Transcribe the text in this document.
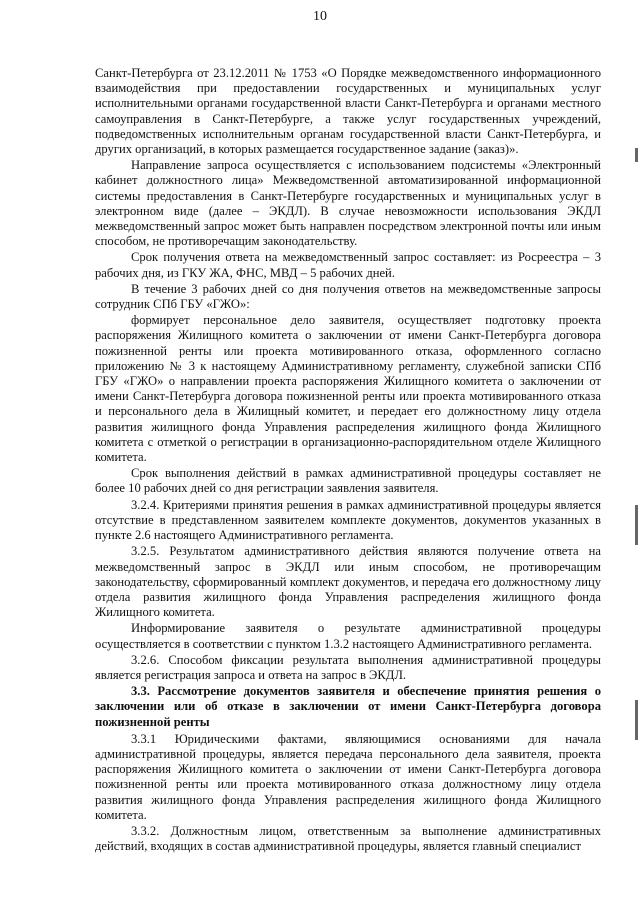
10

Санкт-Петербурга от 23.12.2011 № 1753 «О Порядке межведомственного информационного взаимодействия при предоставлении государственных и муниципальных услуг исполнительными органами государственной власти Санкт-Петербурга и органами местного самоуправления в Санкт-Петербурге, а также услуг государственных учреждений, подведомственных исполнительным органам государственной власти Санкт-Петербурга, и других организаций, в которых размещается государственное задание (заказ)».

Направление запроса осуществляется с использованием подсистемы «Электронный кабинет должностного лица» Межведомственной автоматизированной информационной системы предоставления в Санкт-Петербурге государственных и муниципальных услуг в электронном виде (далее – ЭКДЛ). В случае невозможности использования ЭКДЛ межведомственный запрос может быть направлен посредством электронной почты или иным способом, не противоречащим законодательству.

Срок получения ответа на межведомственный запрос составляет: из Росреестра – 3 рабочих дня, из ГКУ ЖА, ФНС, МВД – 5 рабочих дней.

В течение 3 рабочих дней со дня получения ответов на межведомственные запросы сотрудник СПб ГБУ «ГЖО»:

формирует персональное дело заявителя, осуществляет подготовку проекта распоряжения Жилищного комитета о заключении от имени Санкт-Петербурга договора пожизненной ренты или проекта мотивированного отказа, оформленного согласно приложению № 3 к настоящему Административному регламенту, служебной записки СПб ГБУ «ГЖО» о направлении проекта распоряжения Жилищного комитета о заключении от имени Санкт-Петербурга договора пожизненной ренты или проекта мотивированного отказа и персонального дела в Жилищный комитет, и передает его должностному лицу отдела развития жилищного фонда Управления распределения жилищного фонда Жилищного комитета с отметкой о регистрации в организационно-распорядительном отделе Жилищного комитета.

Срок выполнения действий в рамках административной процедуры составляет не более 10 рабочих дней со дня регистрации заявления заявителя.

3.2.4. Критериями принятия решения в рамках административной процедуры является отсутствие в представленном заявителем комплекте документов, документов указанных в пункте 2.6 настоящего Административного регламента.

3.2.5. Результатом административного действия являются получение ответа на межведомственный запрос в ЭКДЛ или иным способом, не противоречащим законодательству, сформированный комплект документов, и передача его должностному лицу отдела развития жилищного фонда Управления распределения жилищного фонда Жилищного комитета.

Информирование заявителя о результате административной процедуры осуществляется в соответствии с пунктом 1.3.2 настоящего Административного регламента.

3.2.6. Способом фиксации результата выполнения административной процедуры является регистрация запроса и ответа на запрос в ЭКДЛ.

3.3. Рассмотрение документов заявителя и обеспечение принятия решения о заключении или об отказе в заключении от имени Санкт-Петербурга договора пожизненной ренты

3.3.1 Юридическими фактами, являющимися основаниями для начала административной процедуры, является передача персонального дела заявителя, проекта распоряжения Жилищного комитета о заключении от имени Санкт-Петербурга договора пожизненной ренты или проекта мотивированного отказа должностному лицу отдела развития жилищного фонда Управления распределения жилищного фонда Жилищного комитета.

3.3.2. Должностным лицом, ответственным за выполнение административных действий, входящих в состав административной процедуры, является главный специалист
